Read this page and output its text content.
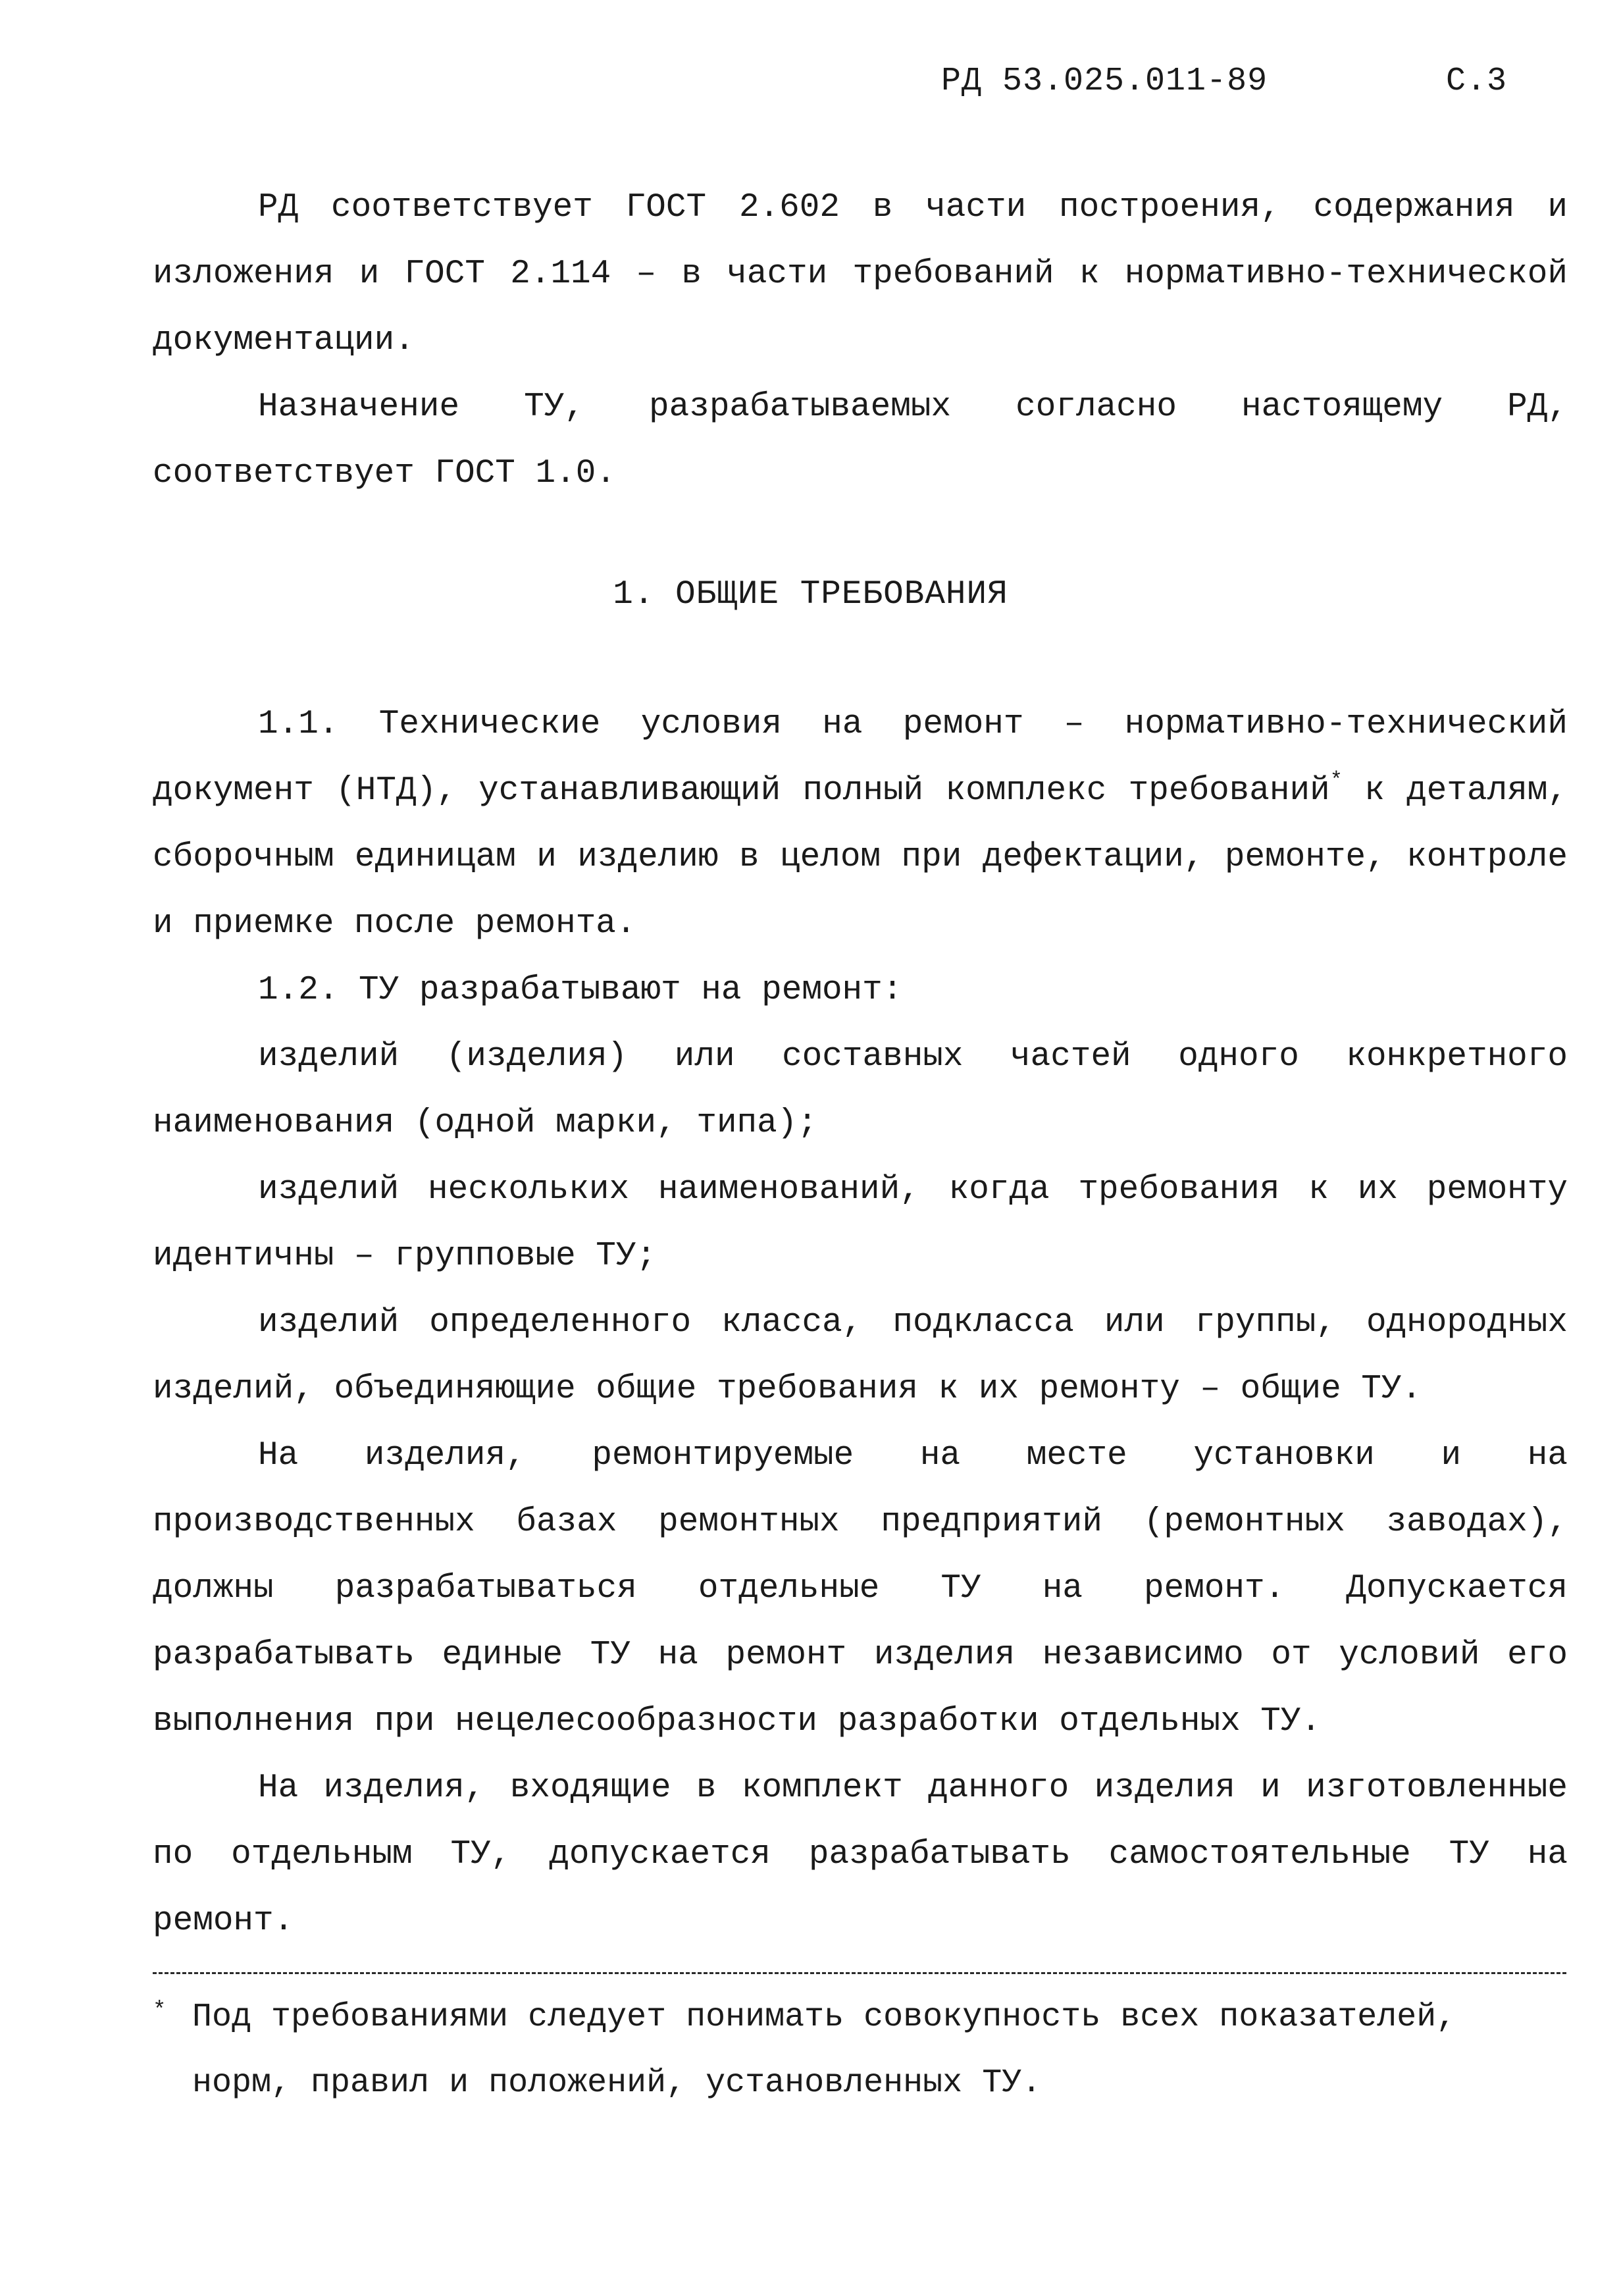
РД 53.025.011-89	С.3

РД соответствует ГОСТ 2.602 в части построения, содержания и изложения и ГОСТ 2.114 – в части требований к нормативно-технической документации.

Назначение ТУ, разрабатываемых согласно настоящему РД, соответствует ГОСТ 1.0.

1. ОБЩИЕ ТРЕБОВАНИЯ

1.1. Технические условия на ремонт – нормативно-технический документ (НТД), устанавливающий полный комплекс требований* к деталям, сборочным единицам и изделию в целом при дефектации, ремонте, контроле и приемке после ремонта.

1.2. ТУ разрабатывают на ремонт:

изделий (изделия) или составных частей одного конкретного наименования (одной марки, типа);

изделий нескольких наименований, когда требования к их ремонту идентичны – групповые ТУ;

изделий определенного класса, подкласса или группы, однородных изделий, объединяющие общие требования к их ремонту – общие ТУ.

На изделия, ремонтируемые на месте установки и на производственных базах ремонтных предприятий (ремонтных заводах), должны разрабатываться отдельные ТУ на ремонт. Допускается разрабатывать единые ТУ на ремонт изделия независимо от условий его выполнения при нецелесообразности разработки отдельных ТУ.

На изделия, входящие в комплект данного изделия и изготовленные по отдельным ТУ, допускается разрабатывать самостоятельные ТУ на ремонт.

* Под требованиями следует понимать совокупность всех показателей, норм, правил и положений, установленных ТУ.
